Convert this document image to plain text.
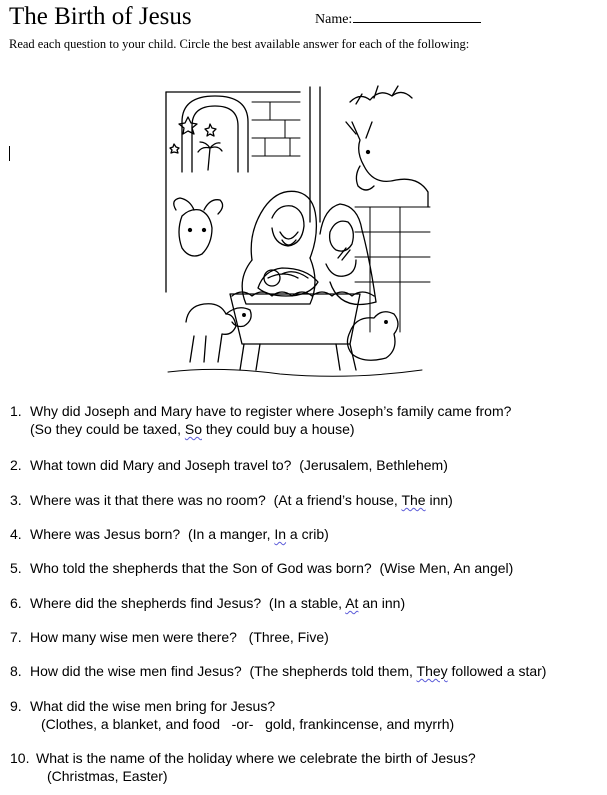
The Birth of Jesus	Name:
Read each question to your child. Circle the best available answer for each of the following:
1. Why did Joseph and Mary have to register where Joseph’s family came from?
(So they could be taxed, So they could buy a house)
2. What town did Mary and Joseph travel to? (Jerusalem, Bethlehem)
3. Where was it that there was no room? (At a friend’s house, The inn)
4. Where was Jesus born? (In a manger, In a crib)
5. Who told the shepherds that the Son of God was born? (Wise Men, An angel)
6. Where did the shepherds find Jesus? (In a stable, At an inn)
7. How many wise men were there?   (Three, Five)
8. How did the wise men find Jesus? (The shepherds told them, They followed a star)
9. What did the wise men bring for Jesus?
(Clothes, a blanket, and food   -or-   gold, frankincense, and myrrh)
10. What is the name of the holiday where we celebrate the birth of Jesus?
(Christmas, Easter)
